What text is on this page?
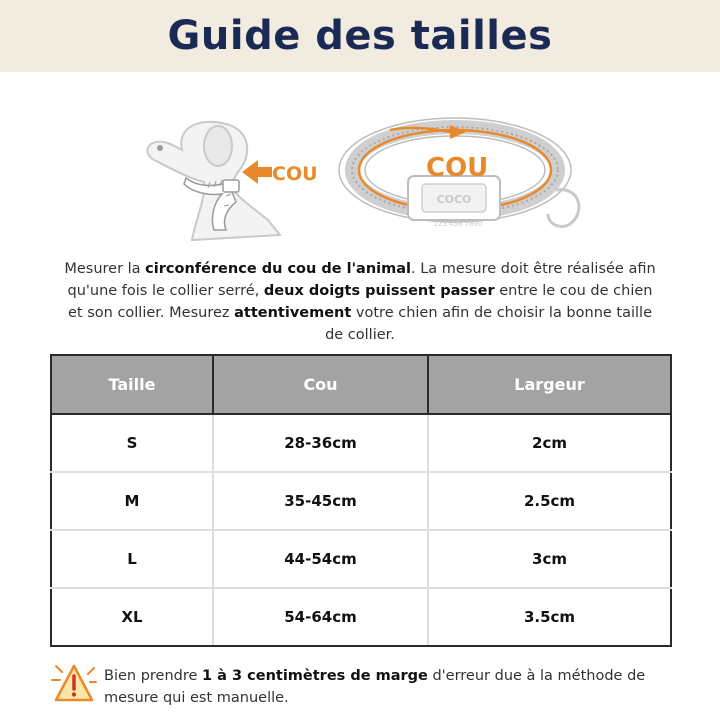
Guide des tailles
COU
COCO
123 456 7890
COU
Mesurer la circonférence du cou de l'animal. La mesure doit être réalisée afin qu'une fois le collier serré, deux doigts puissent passer entre le cou de chien et son collier. Mesurez attentivement votre chien afin de choisir la bonne taille de collier.
Taille	Cou	Largeur
S	28-36cm	2cm
M	35-45cm	2.5cm
L	44-54cm	3cm
XL	54-64cm	3.5cm
Bien prendre 1 à 3 centimètres de marge d'erreur due à la méthode de mesure qui est manuelle.
